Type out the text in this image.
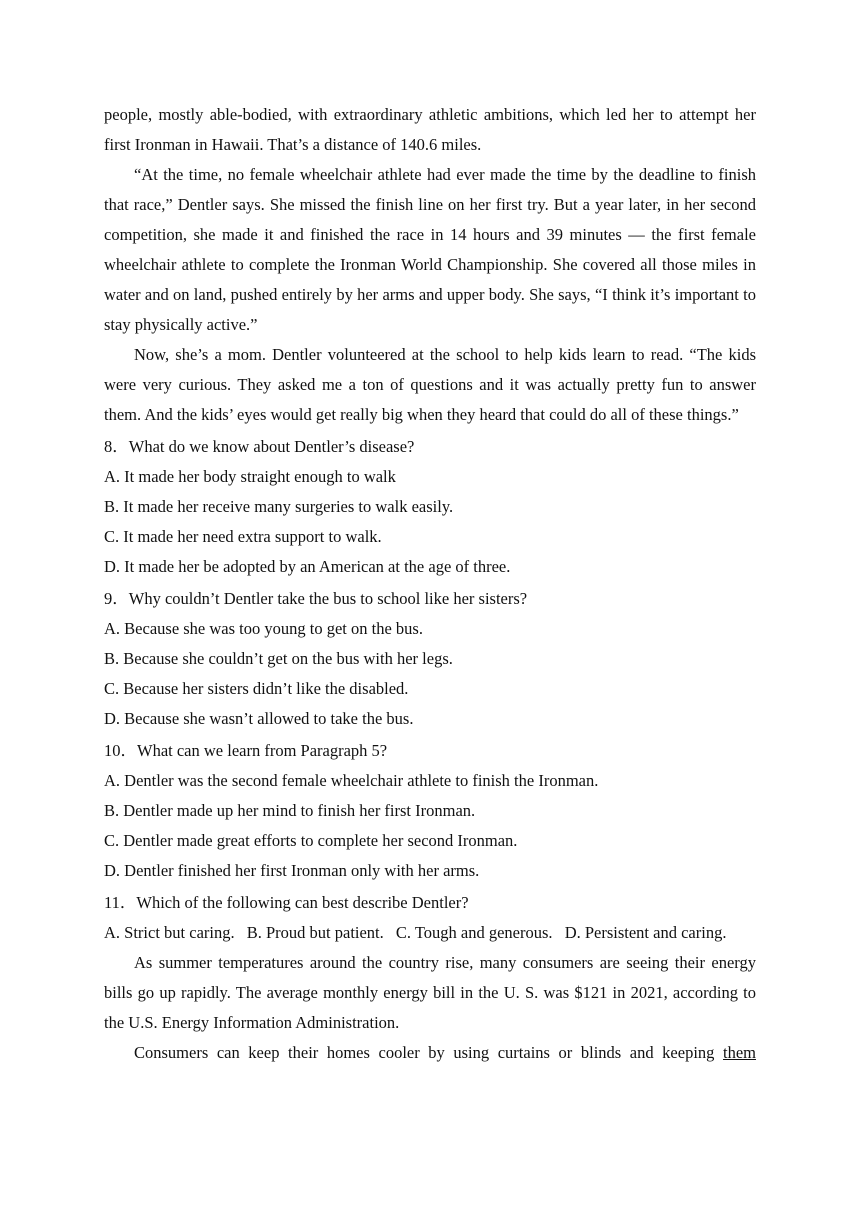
people, mostly able-bodied, with extraordinary athletic ambitions, which led her to attempt her first Ironman in Hawaii. That’s a distance of 140.6 miles.

“At the time, no female wheelchair athlete had ever made the time by the deadline to finish that race,” Dentler says. She missed the finish line on her first try. But a year later, in her second competition, she made it and finished the race in 14 hours and 39 minutes — the first female wheelchair athlete to complete the Ironman World Championship. She covered all those miles in water and on land, pushed entirely by her arms and upper body. She says, “I think it’s important to stay physically active.”

Now, she’s a mom. Dentler volunteered at the school to help kids learn to read. “The kids were very curious. They asked me a ton of questions and it was actually pretty fun to answer them. And the kids’ eyes would get really big when they heard that could do all of these things.”

8．What do we know about Dentler’s disease?

A. It made her body straight enough to walk

B. It made her receive many surgeries to walk easily.

C. It made her need extra support to walk.

D. It made her be adopted by an American at the age of three.

9．Why couldn’t Dentler take the bus to school like her sisters?

A. Because she was too young to get on the bus.

B. Because she couldn’t get on the bus with her legs.

C. Because her sisters didn’t like the disabled.

D. Because she wasn’t allowed to take the bus.

10．What can we learn from Paragraph 5?

A. Dentler was the second female wheelchair athlete to finish the Ironman.

B. Dentler made up her mind to finish her first Ironman.

C. Dentler made great efforts to complete her second Ironman.

D. Dentler finished her first Ironman only with her arms.

11．Which of the following can best describe Dentler?

A. Strict but caring. B. Proud but patient. C. Tough and generous. D. Persistent and caring.

As summer temperatures around the country rise, many consumers are seeing their energy bills go up rapidly. The average monthly energy bill in the U. S. was $121 in 2021, according to the U.S. Energy Information Administration.

Consumers can keep their homes cooler by using curtains or blinds and keeping them
